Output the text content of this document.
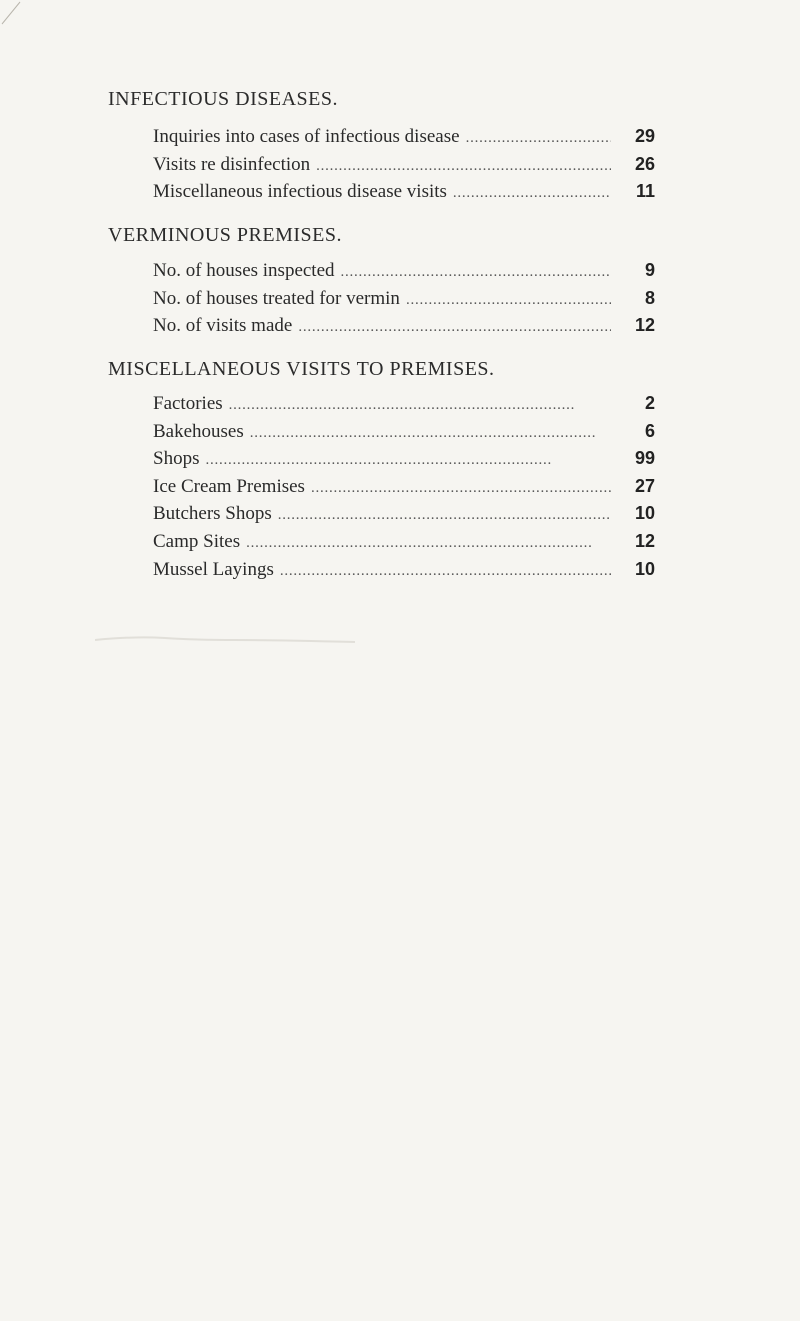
INFECTIOUS DISEASES.
Inquiries into cases of infectious disease . . .	29
Visits re disinfection . . .	26
Miscellaneous infectious disease visits . . .	11
VERMINOUS PREMISES.
No. of houses inspected . . .	9
No. of houses treated for vermin . . .	8
No. of visits made . . .	12
MISCELLANEOUS VISITS TO PREMISES.
Factories . . .	2
Bakehouses . . .	6
Shops . . .	99
Ice Cream Premises . . .	27
Butchers Shops . . .	10
Camp Sites . . .	12
Mussel Layings . . .	10
